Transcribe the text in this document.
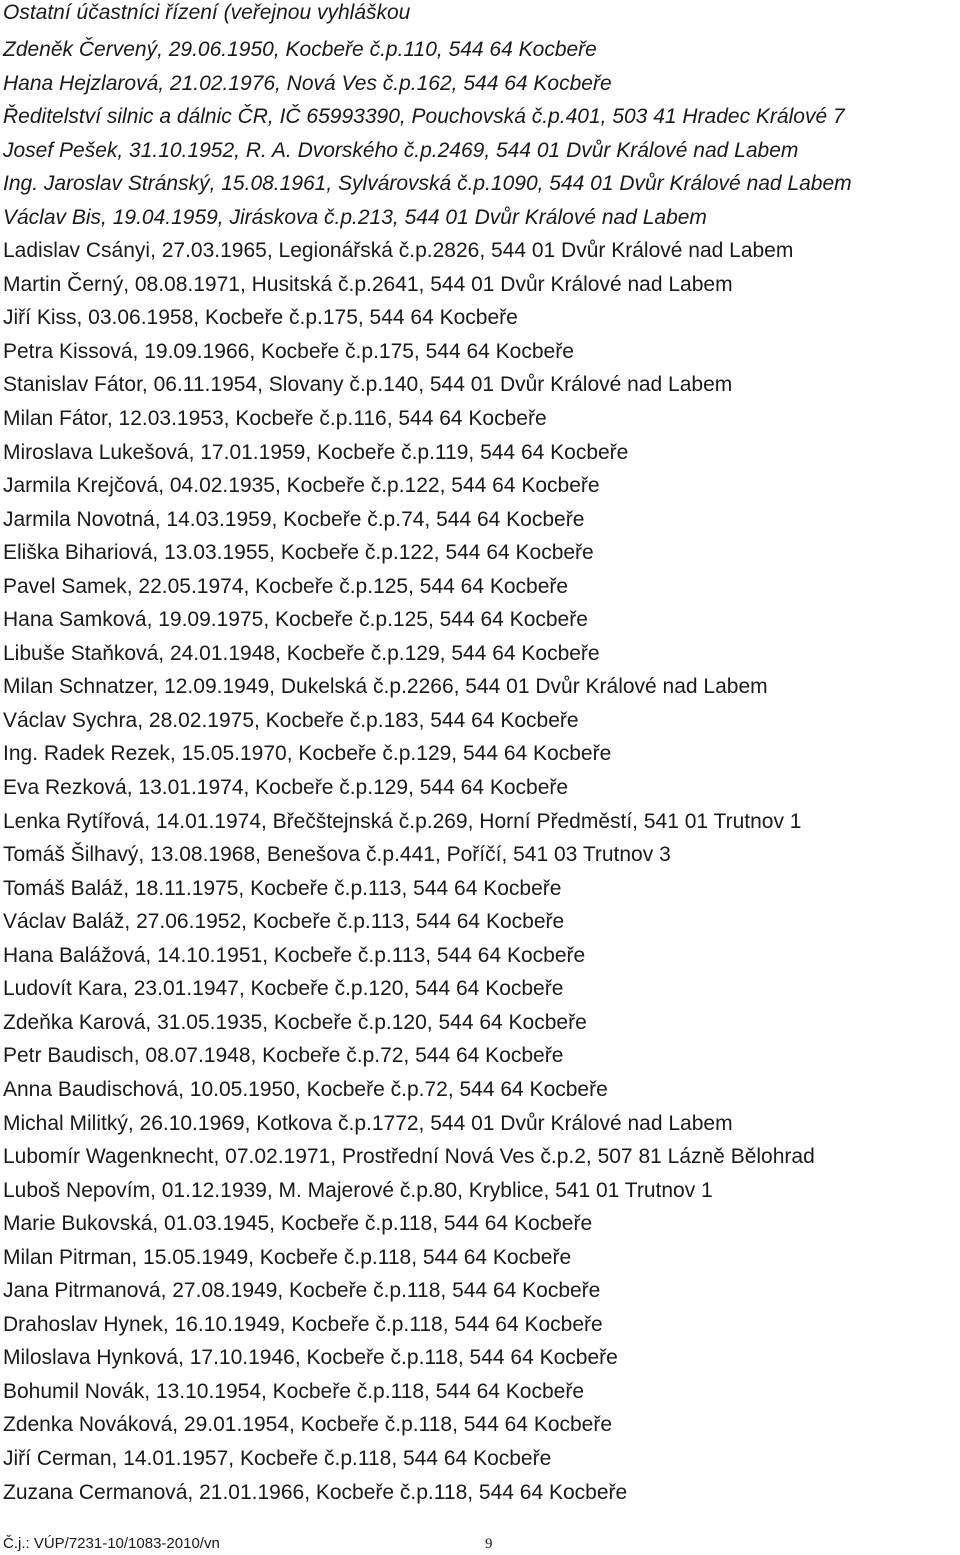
Ostatní účastníci řízení (veřejnou vyhláškou
Zdeněk Červený, 29.06.1950, Kocbeře č.p.110, 544 64 Kocbeře
Hana Hejzlarová, 21.02.1976, Nová Ves č.p.162, 544 64 Kocbeře
Ředitelství silnic a dálnic ČR, IČ 65993390, Pouchovská č.p.401, 503 41 Hradec Králové 7
Josef Pešek, 31.10.1952, R. A. Dvorského č.p.2469, 544 01 Dvůr Králové nad Labem
Ing. Jaroslav Stránský, 15.08.1961, Sylvárovská č.p.1090, 544 01 Dvůr Králové nad Labem
Václav Bis, 19.04.1959, Jiráskova č.p.213, 544 01 Dvůr Králové nad Labem
Ladislav Csányi, 27.03.1965, Legionářská č.p.2826, 544 01 Dvůr Králové nad Labem
Martin Černý, 08.08.1971, Husitská č.p.2641, 544 01 Dvůr Králové nad Labem
Jiří Kiss, 03.06.1958, Kocbeře č.p.175, 544 64 Kocbeře
Petra Kissová, 19.09.1966, Kocbeře č.p.175, 544 64 Kocbeře
Stanislav Fátor, 06.11.1954, Slovany č.p.140, 544 01 Dvůr Králové nad Labem
Milan Fátor, 12.03.1953, Kocbeře č.p.116, 544 64 Kocbeře
Miroslava Lukešová, 17.01.1959, Kocbeře č.p.119, 544 64 Kocbeře
Jarmila Krejčová, 04.02.1935, Kocbeře č.p.122, 544 64 Kocbeře
Jarmila Novotná, 14.03.1959, Kocbeře č.p.74, 544 64 Kocbeře
Eliška Bihariová, 13.03.1955, Kocbeře č.p.122, 544 64 Kocbeře
Pavel Samek, 22.05.1974, Kocbeře č.p.125, 544 64 Kocbeře
Hana Samková, 19.09.1975, Kocbeře č.p.125, 544 64 Kocbeře
Libuše Staňková, 24.01.1948, Kocbeře č.p.129, 544 64 Kocbeře
Milan Schnatzer, 12.09.1949, Dukelská č.p.2266, 544 01 Dvůr Králové nad Labem
Václav Sychra, 28.02.1975, Kocbeře č.p.183, 544 64 Kocbeře
Ing. Radek Rezek, 15.05.1970, Kocbeře č.p.129, 544 64 Kocbeře
Eva Rezková, 13.01.1974, Kocbeře č.p.129, 544 64 Kocbeře
Lenka Rytířová, 14.01.1974, Břečštejnská č.p.269, Horní Předměstí, 541 01 Trutnov 1
Tomáš Šilhavý, 13.08.1968, Benešova č.p.441, Poříčí, 541 03 Trutnov 3
Tomáš Baláž, 18.11.1975, Kocbeře č.p.113, 544 64 Kocbeře
Václav Baláž, 27.06.1952, Kocbeře č.p.113, 544 64 Kocbeře
Hana Balážová, 14.10.1951, Kocbeře č.p.113, 544 64 Kocbeře
Ludovít Kara, 23.01.1947, Kocbeře č.p.120, 544 64 Kocbeře
Zdeňka Karová, 31.05.1935, Kocbeře č.p.120, 544 64 Kocbeře
Petr Baudisch, 08.07.1948, Kocbeře č.p.72, 544 64 Kocbeře
Anna Baudischová, 10.05.1950, Kocbeře č.p.72, 544 64 Kocbeře
Michal Militký, 26.10.1969, Kotkova č.p.1772, 544 01 Dvůr Králové nad Labem
Lubomír Wagenknecht, 07.02.1971, Prostřední Nová Ves č.p.2, 507 81 Lázně Bělohrad
Luboš Nepovím, 01.12.1939, M. Majerové č.p.80, Kryblice, 541 01 Trutnov 1
Marie Bukovská, 01.03.1945, Kocbeře č.p.118, 544 64 Kocbeře
Milan Pitrman, 15.05.1949, Kocbeře č.p.118, 544 64 Kocbeře
Jana Pitrmanová, 27.08.1949, Kocbeře č.p.118, 544 64 Kocbeře
Drahoslav Hynek, 16.10.1949, Kocbeře č.p.118, 544 64 Kocbeře
Miloslava Hynková, 17.10.1946, Kocbeře č.p.118, 544 64 Kocbeře
Bohumil Novák, 13.10.1954, Kocbeře č.p.118, 544 64 Kocbeře
Zdenka Nováková, 29.01.1954, Kocbeře č.p.118, 544 64 Kocbeře
Jiří Cerman, 14.01.1957, Kocbeře č.p.118, 544 64 Kocbeře
Zuzana Cermanová, 21.01.1966, Kocbeře č.p.118, 544 64 Kocbeře
Č.j.: VÚP/7231-10/1083-2010/vn	9
